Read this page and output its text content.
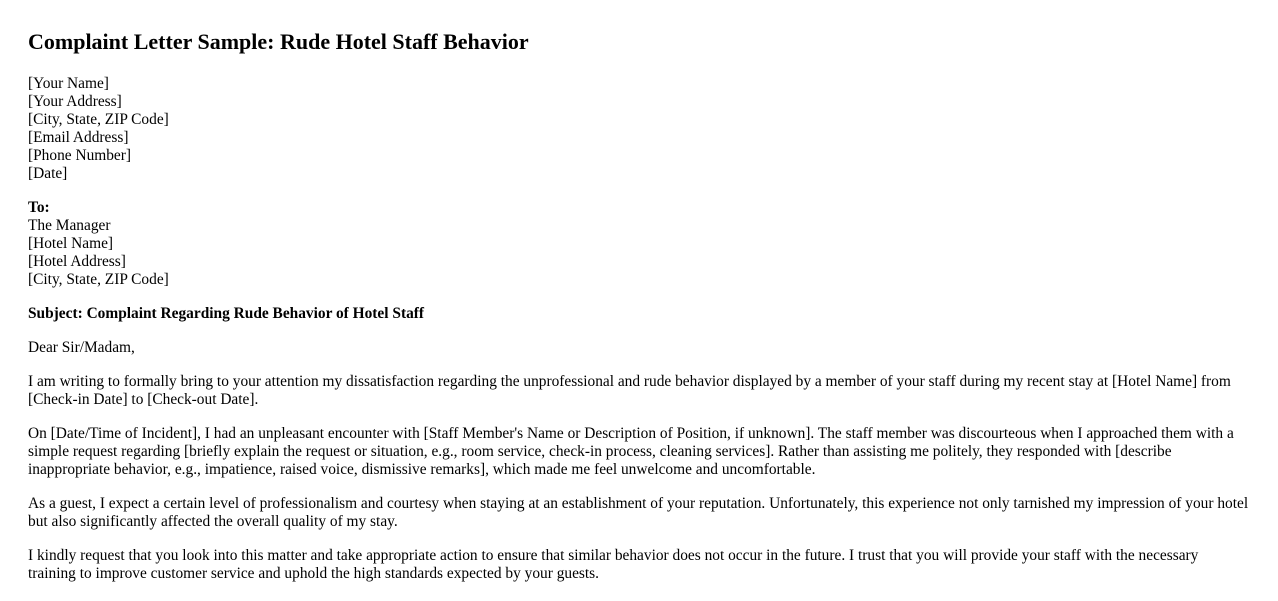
Complaint Letter Sample: Rude Hotel Staff Behavior
[Your Name]
[Your Address]
[City, State, ZIP Code]
[Email Address]
[Phone Number]
[Date]
To:
The Manager
[Hotel Name]
[Hotel Address]
[City, State, ZIP Code]
Subject: Complaint Regarding Rude Behavior of Hotel Staff
Dear Sir/Madam,
I am writing to formally bring to your attention my dissatisfaction regarding the unprofessional and rude behavior displayed by a member of your staff during my recent stay at [Hotel Name] from [Check-in Date] to [Check-out Date].
On [Date/Time of Incident], I had an unpleasant encounter with [Staff Member's Name or Description of Position, if unknown]. The staff member was discourteous when I approached them with a simple request regarding [briefly explain the request or situation, e.g., room service, check-in process, cleaning services]. Rather than assisting me politely, they responded with [describe inappropriate behavior, e.g., impatience, raised voice, dismissive remarks], which made me feel unwelcome and uncomfortable.
As a guest, I expect a certain level of professionalism and courtesy when staying at an establishment of your reputation. Unfortunately, this experience not only tarnished my impression of your hotel but also significantly affected the overall quality of my stay.
I kindly request that you look into this matter and take appropriate action to ensure that similar behavior does not occur in the future. I trust that you will provide your staff with the necessary training to improve customer service and uphold the high standards expected by your guests.
